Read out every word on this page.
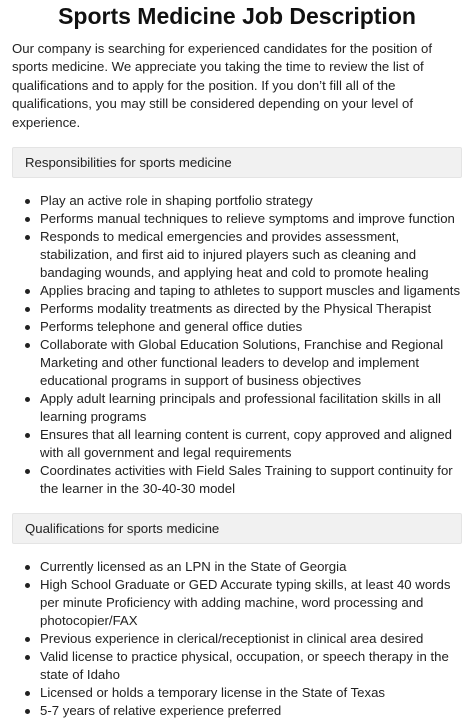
Sports Medicine Job Description

Our company is searching for experienced candidates for the position of sports medicine. We appreciate you taking the time to review the list of qualifications and to apply for the position. If you don’t fill all of the qualifications, you may still be considered depending on your level of experience.

Responsibilities for sports medicine
Play an active role in shaping portfolio strategy
Performs manual techniques to relieve symptoms and improve function
Responds to medical emergencies and provides assessment, stabilization, and first aid to injured players such as cleaning and bandaging wounds, and applying heat and cold to promote healing
Applies bracing and taping to athletes to support muscles and ligaments
Performs modality treatments as directed by the Physical Therapist
Performs telephone and general office duties
Collaborate with Global Education Solutions, Franchise and Regional Marketing and other functional leaders to develop and implement educational programs in support of business objectives
Apply adult learning principals and professional facilitation skills in all learning programs
Ensures that all learning content is current, copy approved and aligned with all government and legal requirements
Coordinates activities with Field Sales Training to support continuity for the learner in the 30-40-30 model
Qualifications for sports medicine
Currently licensed as an LPN in the State of Georgia
High School Graduate or GED Accurate typing skills, at least 40 words per minute Proficiency with adding machine, word processing and photocopier/FAX
Previous experience in clerical/receptionist in clinical area desired
Valid license to practice physical, occupation, or speech therapy in the state of Idaho
Licensed or holds a temporary license in the State of Texas
5-7 years of relative experience preferred
